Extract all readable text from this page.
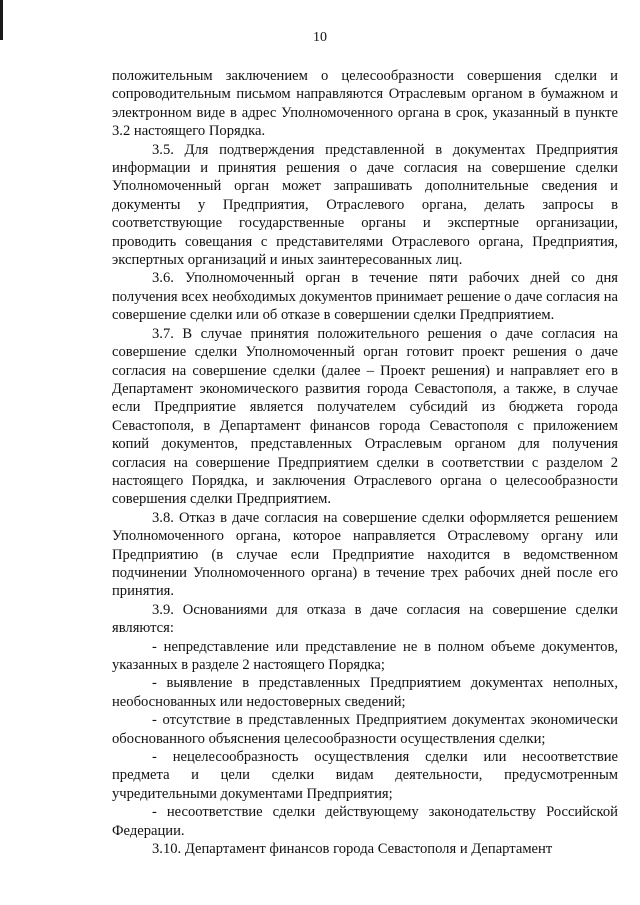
10

положительным заключением о целесообразности совершения сделки и сопроводительным письмом направляются Отраслевым органом в бумажном и электронном виде в адрес Уполномоченного органа в срок, указанный в пункте 3.2 настоящего Порядка.

3.5. Для подтверждения представленной в документах Предприятия информации и принятия решения о даче согласия на совершение сделки Уполномоченный орган может запрашивать дополнительные сведения и документы у Предприятия, Отраслевого органа, делать запросы в соответствующие государственные органы и экспертные организации, проводить совещания с представителями Отраслевого органа, Предприятия, экспертных организаций и иных заинтересованных лиц.

3.6. Уполномоченный орган в течение пяти рабочих дней со дня получения всех необходимых документов принимает решение о даче согласия на совершение сделки или об отказе в совершении сделки Предприятием.

3.7. В случае принятия положительного решения о даче согласия на совершение сделки Уполномоченный орган готовит проект решения о даче согласия на совершение сделки (далее – Проект решения) и направляет его в Департамент экономического развития города Севастополя, а также, в случае если Предприятие является получателем субсидий из бюджета города Севастополя, в Департамент финансов города Севастополя с приложением копий документов, представленных Отраслевым органом для получения согласия на совершение Предприятием сделки в соответствии с разделом 2 настоящего Порядка, и заключения Отраслевого органа о целесообразности совершения сделки Предприятием.

3.8. Отказ в даче согласия на совершение сделки оформляется решением Уполномоченного органа, которое направляется Отраслевому органу или Предприятию (в случае если Предприятие находится в ведомственном подчинении Уполномоченного органа) в течение трех рабочих дней после его принятия.

3.9. Основаниями для отказа в даче согласия на совершение сделки являются:

- непредставление или представление не в полном объеме документов, указанных в разделе 2 настоящего Порядка;

- выявление в представленных Предприятием документах неполных, необоснованных или недостоверных сведений;

- отсутствие в представленных Предприятием документах экономически обоснованного объяснения целесообразности осуществления сделки;

- нецелесообразность осуществления сделки или несоответствие предмета и цели сделки видам деятельности, предусмотренным учредительными документами Предприятия;

- несоответствие сделки действующему законодательству Российской Федерации.

3.10. Департамент финансов города Севастополя и Департамент
